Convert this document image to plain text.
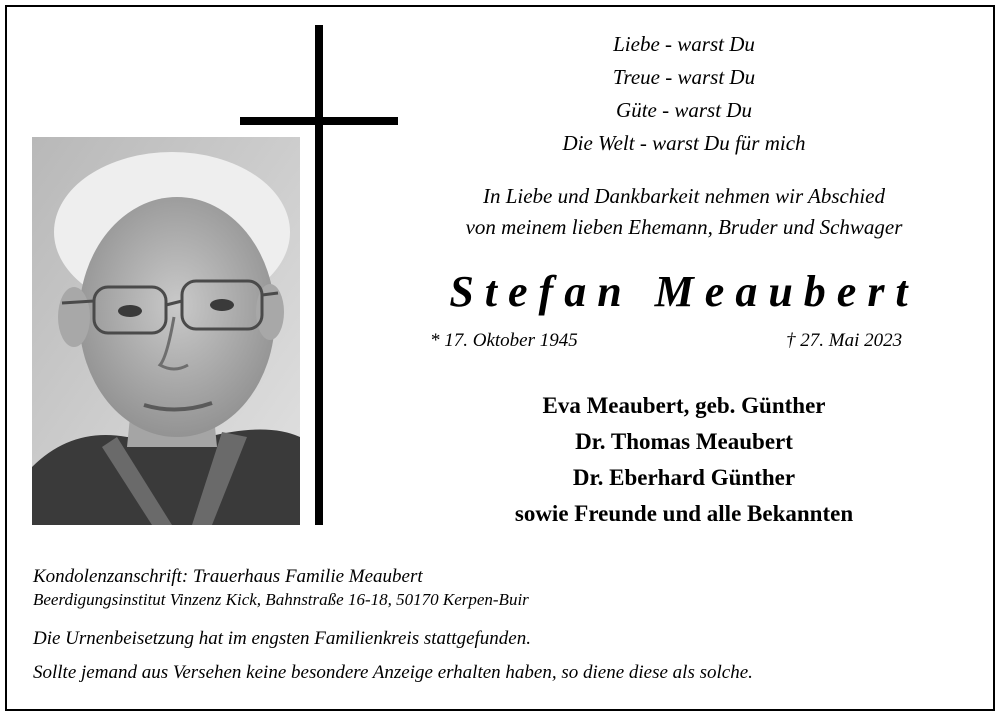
Liebe - warst Du
Treue - warst Du
Güte - warst Du
Die Welt - warst Du für mich
In Liebe und Dankbarkeit nehmen wir Abschied
von meinem lieben Ehemann, Bruder und Schwager
Stefan Meaubert
* 17. Oktober 1945	† 27. Mai 2023
Eva Meaubert, geb. Günther
Dr. Thomas Meaubert
Dr. Eberhard Günther
sowie Freunde und alle Bekannten
Kondolenzanschrift: Trauerhaus Familie Meaubert
Beerdigungsinstitut Vinzenz Kick, Bahnstraße 16-18, 50170 Kerpen-Buir
Die Urnenbeisetzung hat im engsten Familienkreis stattgefunden.
Sollte jemand aus Versehen keine besondere Anzeige erhalten haben, so diene diese als solche.
